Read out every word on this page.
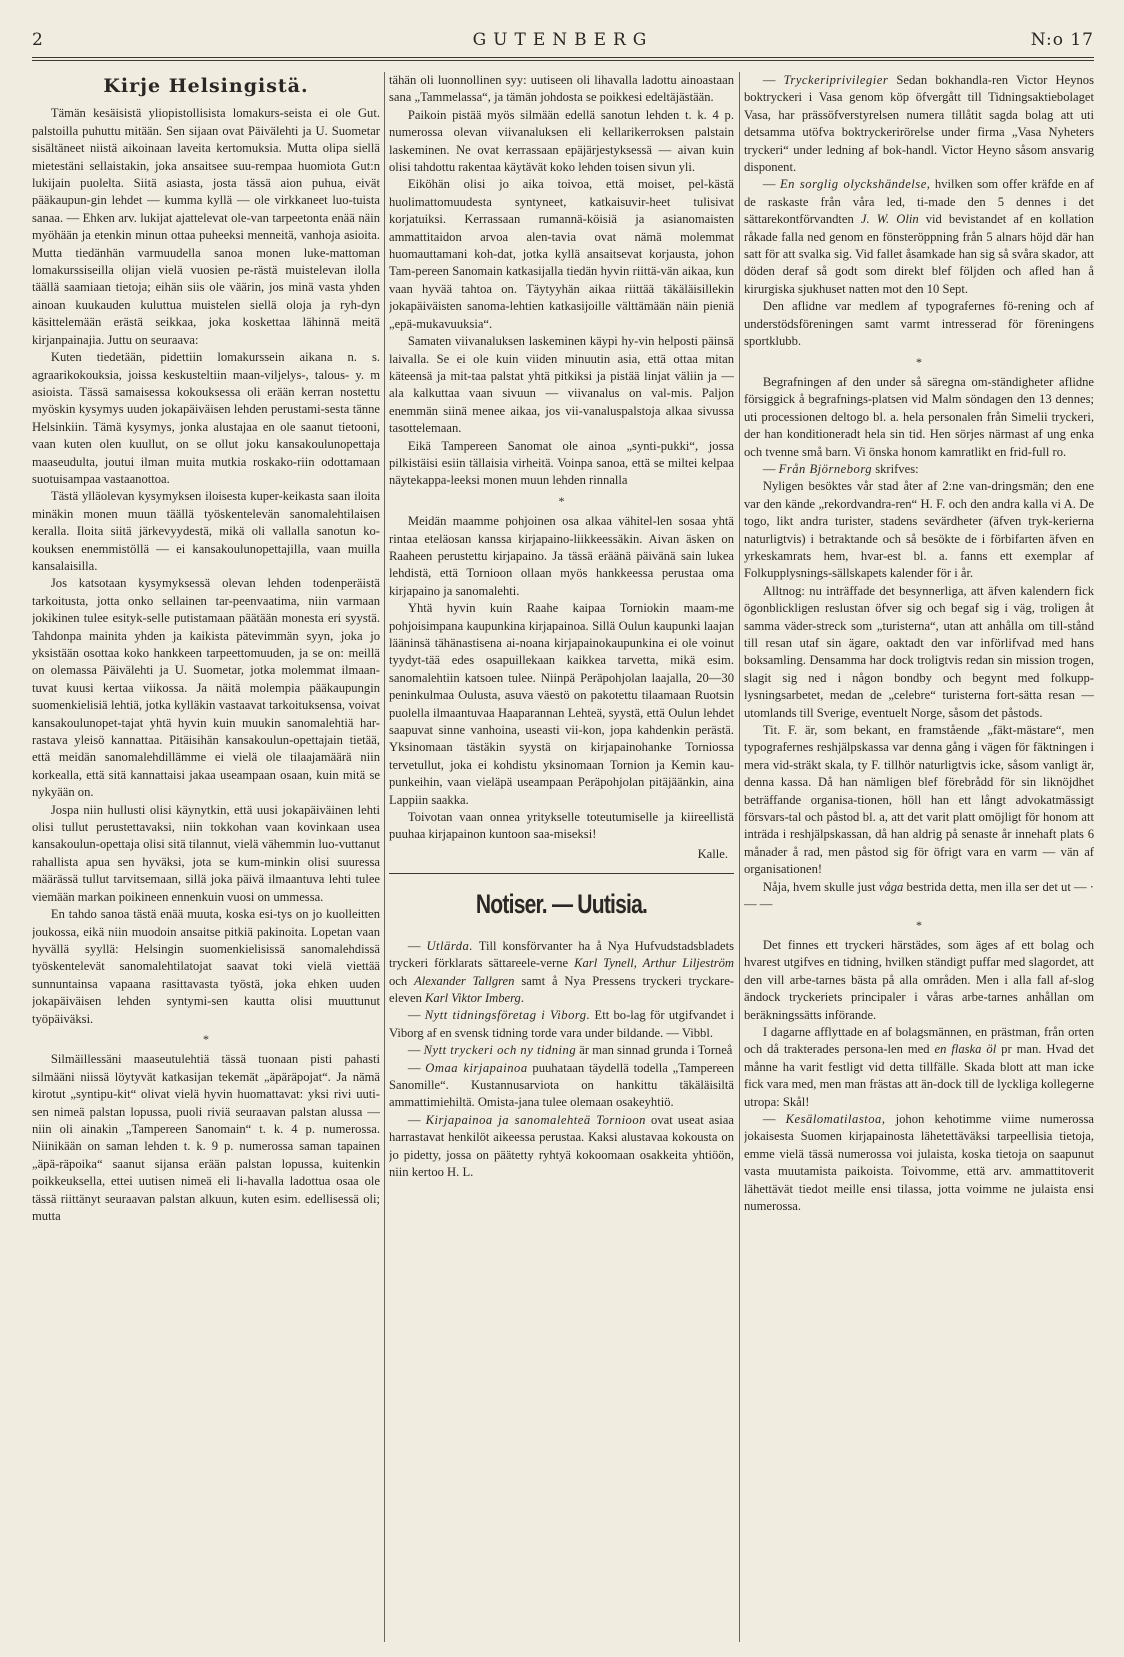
2	GUTENBERG	N:o 17
Kirje Helsingistä.

Tämän kesäisistä yliopistollisista lomakurs-seista ei ole Gut. palstoilla puhuttu mitään. Sen sijaan ovat Päivälehti ja U. Suometar sisältäneet niistä aikoinaan laveita kertomuksia. Mutta olipa siellä mietestäni sellaistakin, joka ansaitsee suu-rempaa huomiota Gut:n lukijain puolelta. Siitä asiasta, josta tässä aion puhua, eivät pääkaupun-gin lehdet — kumma kyllä — ole virkkaneet luo-tuista sanaa. — Ehken arv. lukijat ajattelevat ole-van tarpeetonta enää näin myöhään ja etenkin minun ottaa puheeksi menneitä, vanhoja asioita. Mutta tiedänhän varmuudella sanoa monen luke-mattoman lomakurssiseilla olijan vielä vuosien pe-rästä muistelevan ilolla täällä saamiaan tietoja; eihän siis ole väärin, jos minä vasta yhden ainoan kuukauden kuluttua muistelen siellä oloja ja ryh-dyn käsittelemään erästä seikkaa, joka koskettaa lähinnä meitä kirjanpainajia. Juttu on seuraava:

Kuten tiedetään, pidettiin lomakurssein aikana n. s. agraarikokouksia, joissa keskusteltiin maan-viljelys-, talous- y. m asioista. Tässä samaisessa kokouksessa oli erään kerran nostettu myöskin kysymys uuden jokapäiväisen lehden perustami-sesta tänne Helsinkiin. Tämä kysymys, jonka alustajaa en ole saanut tietooni, vaan kuten olen kuullut, on se ollut joku kansakoulunopettaja maaseudulta, joutui ilman muita mutkia roskako-riin odottamaan suotuisampaa vastaanottoa.

Tästä ylläolevan kysymyksen iloisesta kuper-keikasta saan iloita minäkin monen muun täällä työskentelevän sanomalehtilaisen keralla. Iloita siitä järkevyydestä, mikä oli vallalla sanotun ko-kouksen enemmistöllä — ei kansakoulunopettajilla, vaan muilla kansalaisilla.

Jos katsotaan kysymyksessä olevan lehden todenperäistä tarkoitusta, jotta onko sellainen tar-peenvaatima, niin varmaan jokikinen tulee esityk-selle putistamaan päätään monesta eri syystä. Tahdonpa mainita yhden ja kaikista pätevimmän syyn, joka jo yksistään osottaa koko hankkeen tarpeettomuuden, ja se on: meillä on olemassa Päivälehti ja U. Suometar, jotka molemmat ilmaan-tuvat kuusi kertaa viikossa. Ja näitä molempia pääkaupungin suomenkielisiä lehtiä, jotka kylläkin vastaavat tarkoituksensa, voivat kansakoulunopet-tajat yhtä hyvin kuin muukin sanomalehtiä har-rastava yleisö kannattaa. Pitäisihän kansakoulun-opettajain tietää, että meidän sanomalehdillämme ei vielä ole tilaajamäärä niin korkealla, että sitä kannattaisi jakaa useampaan osaan, kuin mitä se nykyään on.

Jospa niin hullusti olisi käynytkin, että uusi jokapäiväinen lehti olisi tullut perustettavaksi, niin tokkohan vaan kovinkaan usea kansakoulun-opettaja olisi sitä tilannut, vielä vähemmin luo-vuttanut rahallista apua sen hyväksi, jota se kum-minkin olisi suuressa määrässä tullut tarvitsemaan, sillä joka päivä ilmaantuva lehti tulee viemään markan poikineen ennenkuin vuosi on ummessa.

En tahdo sanoa tästä enää muuta, koska esi-tys on jo kuolleitten joukossa, eikä niin muodoin ansaitse pitkiä pakinoita. Lopetan vaan hyvällä syyllä: Helsingin suomenkielisissä sanomalehdissä työskentelevät sanomalehtilatojat saavat toki vielä viettää sunnuntainsa vapaana rasittavasta työstä, joka ehken uuden jokapäiväisen lehden syntymi-sen kautta olisi muuttunut työpäiväksi.

*

Silmäillessäni maaseutulehtiä tässä tuonaan pisti pahasti silmääni niissä löytyvät katkasijan tekemät „äpäräpojat“. Ja nämä kirotut „syntipu-kit“ olivat vielä hyvin huomattavat: yksi rivi uuti-sen nimeä palstan lopussa, puoli riviä seuraavan palstan alussa — niin oli ainakin „Tampereen Sanomain“ t. k. 4 p. numerossa. Niinikään on saman lehden t. k. 9 p. numerossa saman tapainen „äpä-räpoika“ saanut sijansa erään palstan lopussa, kuitenkin poikkeuksella, ettei uutisen nimeä eli li-havalla ladottua osaa ole tässä riittänyt seuraavan palstan alkuun, kuten esim. edellisessä oli; mutta

tähän oli luonnollinen syy: uutiseen oli lihavalla ladottu ainoastaan sana „Tammelassa“, ja tämän johdosta se poikkesi edeltäjästään.

Paikoin pistää myös silmään edellä sanotun lehden t. k. 4 p. numerossa olevan viivanaluksen eli kellarikerroksen palstain laskeminen. Ne ovat kerrassaan epäjärjestyksessä — aivan kuin olisi tahdottu rakentaa käytävät koko lehden toisen sivun yli.

Eiköhän olisi jo aika toivoa, että moiset, pel-kästä huolimattomuudesta syntyneet, katkaisuvir-heet tulisivat korjatuiksi. Kerrassaan rumannä-köisiä ja asianomaisten ammattitaidon arvoa alen-tavia ovat nämä molemmat huomauttamani koh-dat, jotka kyllä ansaitsevat korjausta, johon Tam-pereen Sanomain katkasijalla tiedän hyvin riittä-vän aikaa, kun vaan hyvää tahtoa on. Täytyyhän aikaa riittää täkäläisillekin jokapäiväisten sanoma-lehtien katkasijoille välttämään näin pieniä „epä-mukavuuksia“.

Samaten viivanaluksen laskeminen käypi hy-vin helposti päinsä laivalla. Se ei ole kuin viiden minuutin asia, että ottaa mitan käteensä ja mit-taa palstat yhtä pitkiksi ja pistää linjat väliin ja — ala kalkuttaa vaan sivuun — viivanalus on val-mis. Paljon enemmän siinä menee aikaa, jos vii-vanaluspalstoja alkaa sivussa tasottelemaan.

Eikä Tampereen Sanomat ole ainoa „synti-pukki“, jossa pilkistäisi esiin tällaisia virheitä. Voinpa sanoa, että se miltei kelpaa näytekappa-leeksi monen muun lehden rinnalla

*

Meidän maamme pohjoinen osa alkaa vähitel-len sosaa yhtä rintaa eteläosan kanssa kirjapaino-liikkeessäkin. Aivan äsken on Raaheen perustettu kirjapaino. Ja tässä eräänä päivänä sain lukea lehdistä, että Tornioon ollaan myös hankkeessa perustaa oma kirjapaino ja sanomalehti.

Yhtä hyvin kuin Raahe kaipaa Torniokin maam-me pohjoisimpana kaupunkina kirjapainoa. Sillä Oulun kaupunki laajan lääninsä tähänastisena ai-noana kirjapainokaupunkina ei ole voinut tyydyt-tää edes osapuillekaan kaikkea tarvetta, mikä esim. sanomalehtiin katsoen tulee. Niinpä Peräpohjolan laajalla, 20—30 peninkulmaa Oulusta, asuva väestö on pakotettu tilaamaan Ruotsin puolella ilmaantuvaa Haaparannan Lehteä, syystä, että Oulun lehdet saapuvat sinne vanhoina, useasti vii-kon, jopa kahdenkin perästä. Yksinomaan tästäkin syystä on kirjapainohanke Torniossa tervetullut, joka ei kohdistu yksinomaan Tornion ja Kemin kau-punkeihin, vaan vieläpä useampaan Peräpohjolan pitäjäänkin, aina Lappiin saakka.

Toivotan vaan onnea yritykselle toteutumiselle ja kiireellistä puuhaa kirjapainon kuntoon saa-miseksi!

Kalle.
Notiser. — Uutisia.

— Utlärda. Till konsförvanter ha å Nya Hufvudstadsbladets tryckeri förklarats sättareele-verne Karl Tynell, Arthur Liljeström och Alexander Tallgren samt å Nya Pressens tryckeri tryckare-eleven Karl Viktor Imberg.

— Nytt tidningsföretag i Viborg. Ett bo-lag för utgifvandet i Viborg af en svensk tidning torde vara under bildande. — Vibbl.

— Nytt tryckeri och ny tidning är man sinnad grunda i Torneå

— Omaa kirjapainoa puuhataan täydellä todella „Tampereen Sanomille“. Kustannusarviota on hankittu täkäläisiltä ammattimiehiltä. Omista-jana tulee olemaan osakeyhtiö.

— Kirjapainoa ja sanomalehteä Tornioon ovat useat asiaa harrastavat henkilöt aikeessa perustaa. Kaksi alustavaa kokousta on jo pidetty, jossa on päätetty ryhtyä kokoomaan osakkeita yhtiöön, niin kertoo H. L.

— Tryckeriprivilegier Sedan bokhandla-ren Victor Heynos boktryckeri i Vasa genom köp öfvergått till Tidningsaktiebolaget Vasa, har prässöfverstyrelsen numera tillåtit sagda bolag att uti detsamma utöfva boktryckerirörelse under firma „Vasa Nyheters tryckeri“ under ledning af bok-handl. Victor Heyno såsom ansvarig disponent.

— En sorglig olyckshändelse, hvilken som offer kräfde en af de raskaste från våra led, ti-made den 5 dennes i det sättarekontförvandten J. W. Olin vid bevistandet af en kollation råkade falla ned genom en fönsteröppning från 5 alnars höjd där han satt för att svalka sig. Vid fallet åsamkade han sig så svåra skador, att döden deraf så godt som direkt blef följden och afled han å kirurgiska sjukhuset natten mot den 10 Sept.

Den aflidne var medlem af typografernes fö-rening och af understödsföreningen samt varmt intresserad för föreningens sportklubb.

*

Begrafningen af den under så säregna om-ständigheter aflidne försiggick å begrafnings-platsen vid Malm söndagen den 13 dennes; uti processionen deltogo bl. a. hela personalen från Simelii tryckeri, der han konditioneradt hela sin tid. Hen sörjes närmast af ung enka och tvenne små barn. Vi önska honom kamratlikt en frid-full ro.

— Från Björneborg skrifves:

Nyligen besöktes vår stad åter af 2:ne van-dringsmän; den ene var den kände „rekordvandra-ren“ H. F. och den andra kalla vi A. De togo, likt andra turister, stadens sevärdheter (äfven tryk-kerierna naturligtvis) i betraktande och så besökte de i förbifarten äfven en yrkeskamrats hem, hvar-est bl. a. fanns ett exemplar af Folkupplysnings-sällskapets kalender för i år.

Alltnog: nu inträffade det besynnerliga, att äfven kalendern fick ögonblickligen reslustan öfver sig och begaf sig i väg, troligen åt samma väder-streck som „turisterna“, utan att anhålla om till-stånd till resan utaf sin ägare, oaktadt den var införlifvad med hans boksamling. Densamma har dock troligtvis redan sin mission trogen, slagit sig ned i någon bondby och begynt med folkupp-lysningsarbetet, medan de „celebre“ turisterna fort-sätta resan — utomlands till Sverige, eventuelt Norge, såsom det påstods.

Tit. F. är, som bekant, en framstående „fäkt-mästare“, men typografernes reshjälpskassa var denna gång i vägen för fäktningen i mera vid-sträkt skala, ty F. tillhör naturligtvis icke, såsom vanligt är, denna kassa. Då han nämligen blef förebrådd för sin liknöjdhet beträffande organisa-tionen, höll han ett långt advokatmässigt försvars-tal och påstod bl. a, att det varit platt omöjligt för honom att inträda i reshjälpskassan, då han aldrig på senaste år innehaft plats 6 månader å rad, men påstod sig för öfrigt vara en varm — vän af organisationen!

Nåja, hvem skulle just våga bestrida detta, men illa ser det ut — · — —

*

Det finnes ett tryckeri härstädes, som äges af ett bolag och hvarest utgifves en tidning, hvilken ständigt puffar med slagordet, att den vill arbe-tarnes bästa på alla områden. Men i alla fall af-slog ändock tryckeriets principaler i våras arbe-tarnes anhållan om beräkningssätts införande.

I dagarne afflyttade en af bolagsmännen, en prästman, från orten och då trakterades persona-len med en flaska öl pr man. Hvad det månne ha varit festligt vid detta tillfälle. Skada blott att man icke fick vara med, men man frästas att än-dock till de lyckliga kollegerne utropa: Skål!

— Kesälomatilastoa, johon kehotimme viime numerossa jokaisesta Suomen kirjapainosta lähetettäväksi tarpeellisia tietoja, emme vielä tässä numerossa voi julaista, koska tietoja on saapunut vasta muutamista paikoista. Toivomme, että arv. ammattitoverit lähettävät tiedot meille ensi tilassa, jotta voimme ne julaista ensi numerossa.
